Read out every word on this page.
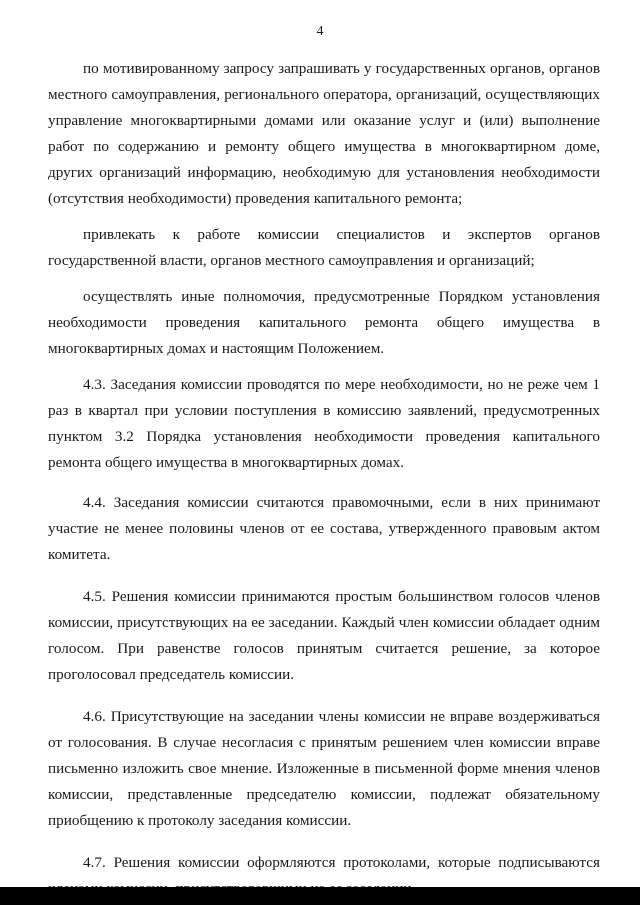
4

по мотивированному запросу запрашивать у государственных органов, органов местного самоуправления, регионального оператора, организаций, осуществляющих управление многоквартирными домами или оказание услуг и (или) выполнение работ по содержанию и ремонту общего имущества в многоквартирном доме, других организаций информацию, необходимую для установления необходимости (отсутствия необходимости) проведения капитального ремонта;

привлекать к работе комиссии специалистов и экспертов органов государственной власти, органов местного самоуправления и организаций;

осуществлять иные полномочия, предусмотренные Порядком установления необходимости проведения капитального ремонта общего имущества в многоквартирных домах и настоящим Положением.

4.3. Заседания комиссии проводятся по мере необходимости, но не реже чем 1 раз в квартал при условии поступления в комиссию заявлений, предусмотренных пунктом 3.2 Порядка установления необходимости проведения капитального ремонта общего имущества в многоквартирных домах.

4.4. Заседания комиссии считаются правомочными, если в них принимают участие не менее половины членов от ее состава, утвержденного правовым актом комитета.

4.5. Решения комиссии принимаются простым большинством голосов членов комиссии, присутствующих на ее заседании. Каждый член комиссии обладает одним голосом. При равенстве голосов принятым считается решение, за которое проголосовал председатель комиссии.

4.6. Присутствующие на заседании члены комиссии не вправе воздерживаться от голосования. В случае несогласия с принятым решением член комиссии вправе письменно изложить свое мнение. Изложенные в письменной форме мнения членов комиссии, представленные председателю комиссии, подлежат обязательному приобщению к протоколу заседания комиссии.

4.7. Решения комиссии оформляются протоколами, которые подписываются
